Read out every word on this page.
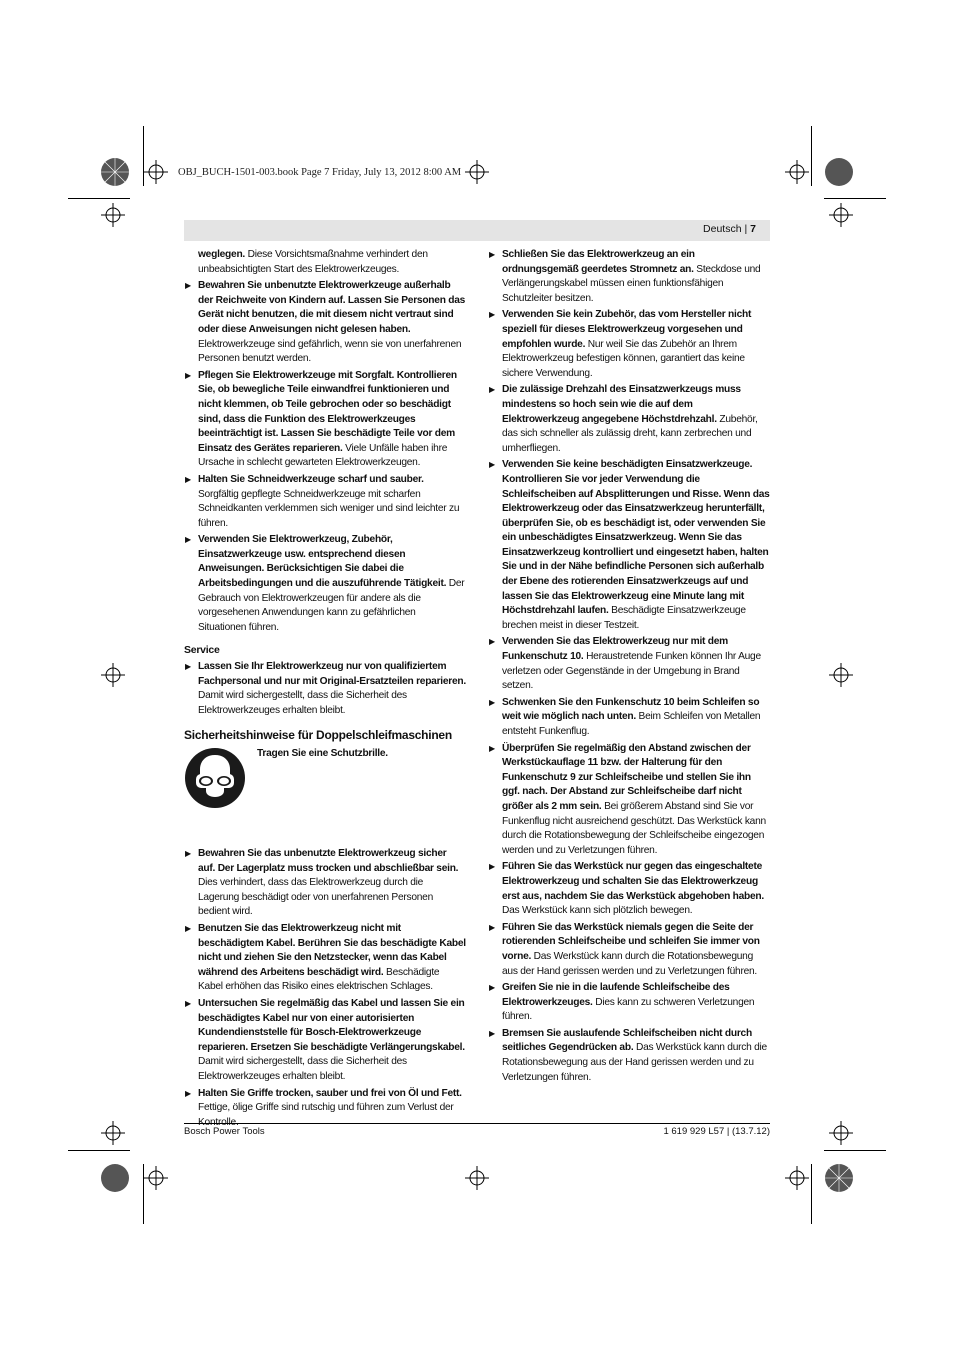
OBJ_BUCH-1501-003.book Page 7 Friday, July 13, 2012 8:00 AM
Deutsch | 7
weglegen. Diese Vorsichtsmaßnahme verhindert den unbeabsichtigten Start des Elektrowerkzeuges.
▶ Bewahren Sie unbenutzte Elektrowerkzeuge außerhalb der Reichweite von Kindern auf. Lassen Sie Personen das Gerät nicht benutzen, die mit diesem nicht vertraut sind oder diese Anweisungen nicht gelesen haben. Elektrowerkzeuge sind gefährlich, wenn sie von unerfahrenen Personen benutzt werden.
▶ Pflegen Sie Elektrowerkzeuge mit Sorgfalt. Kontrollieren Sie, ob bewegliche Teile einwandfrei funktionieren und nicht klemmen, ob Teile gebrochen oder so beschädigt sind, dass die Funktion des Elektrowerkzeuges beeinträchtigt ist. Lassen Sie beschädigte Teile vor dem Einsatz des Gerätes reparieren. Viele Unfälle haben ihre Ursache in schlecht gewarteten Elektrowerkzeugen.
▶ Halten Sie Schneidwerkzeuge scharf und sauber. Sorgfältig gepflegte Schneidwerkzeuge mit scharfen Schneidkanten verklemmen sich weniger und sind leichter zu führen.
▶ Verwenden Sie Elektrowerkzeug, Zubehör, Einsatzwerkzeuge usw. entsprechend diesen Anweisungen. Berücksichtigen Sie dabei die Arbeitsbedingungen und die auszuführende Tätigkeit. Der Gebrauch von Elektrowerkzeugen für andere als die vorgesehenen Anwendungen kann zu gefährlichen Situationen führen.
Service
▶ Lassen Sie Ihr Elektrowerkzeug nur von qualifiziertem Fachpersonal und nur mit Original-Ersatzteilen reparieren. Damit wird sichergestellt, dass die Sicherheit des Elektrowerkzeuges erhalten bleibt.
Sicherheitshinweise für Doppelschleifmaschinen
Tragen Sie eine Schutzbrille.
▶ Bewahren Sie das unbenutzte Elektrowerkzeug sicher auf. Der Lagerplatz muss trocken und abschließbar sein. Dies verhindert, dass das Elektrowerkzeug durch die Lagerung beschädigt oder von unerfahrenen Personen bedient wird.
▶ Benutzen Sie das Elektrowerkzeug nicht mit beschädigtem Kabel. Berühren Sie das beschädigte Kabel nicht und ziehen Sie den Netzstecker, wenn das Kabel während des Arbeitens beschädigt wird. Beschädigte Kabel erhöhen das Risiko eines elektrischen Schlages.
▶ Untersuchen Sie regelmäßig das Kabel und lassen Sie ein beschädigtes Kabel nur von einer autorisierten Kundendienststelle für Bosch-Elektrowerkzeuge reparieren. Ersetzen Sie beschädigte Verlängerungskabel. Damit wird sichergestellt, dass die Sicherheit des Elektrowerkzeuges erhalten bleibt.
▶ Halten Sie Griffe trocken, sauber und frei von Öl und Fett. Fettige, ölige Griffe sind rutschig und führen zum Verlust der Kontrolle.
▶ Schließen Sie das Elektrowerkzeug an ein ordnungsgemäß geerdetes Stromnetz an. Steckdose und Verlängerungskabel müssen einen funktionsfähigen Schutzleiter besitzen.
▶ Verwenden Sie kein Zubehör, das vom Hersteller nicht speziell für dieses Elektrowerkzeug vorgesehen und empfohlen wurde. Nur weil Sie das Zubehör an Ihrem Elektrowerkzeug befestigen können, garantiert das keine sichere Verwendung.
▶ Die zulässige Drehzahl des Einsatzwerkzeugs muss mindestens so hoch sein wie die auf dem Elektrowerkzeug angegebene Höchstdrehzahl. Zubehör, das sich schneller als zulässig dreht, kann zerbrechen und umherfliegen.
▶ Verwenden Sie keine beschädigten Einsatzwerkzeuge. Kontrollieren Sie vor jeder Verwendung die Schleifscheiben auf Absplitterungen und Risse. Wenn das Elektrowerkzeug oder das Einsatzwerkzeug herunterfällt, überprüfen Sie, ob es beschädigt ist, oder verwenden Sie ein unbeschädigtes Einsatzwerkzeug. Wenn Sie das Einsatzwerkzeug kontrolliert und eingesetzt haben, halten Sie und in der Nähe befindliche Personen sich außerhalb der Ebene des rotierenden Einsatzwerkzeugs auf und lassen Sie das Elektrowerkzeug eine Minute lang mit Höchstdrehzahl laufen. Beschädigte Einsatzwerkzeuge brechen meist in dieser Testzeit.
▶ Verwenden Sie das Elektrowerkzeug nur mit dem Funkenschutz 10. Heraustretende Funken können Ihr Auge verletzen oder Gegenstände in der Umgebung in Brand setzen.
▶ Schwenken Sie den Funkenschutz 10 beim Schleifen so weit wie möglich nach unten. Beim Schleifen von Metallen entsteht Funkenflug.
▶ Überprüfen Sie regelmäßig den Abstand zwischen der Werkstückauflage 11 bzw. der Halterung für den Funkenschutz 9 zur Schleifscheibe und stellen Sie ihn ggf. nach. Der Abstand zur Schleifscheibe darf nicht größer als 2 mm sein. Bei größerem Abstand sind Sie vor Funkenflug nicht ausreichend geschützt. Das Werkstück kann durch die Rotationsbewegung der Schleifscheibe eingezogen werden und zu Verletzungen führen.
▶ Führen Sie das Werkstück nur gegen das eingeschaltete Elektrowerkzeug und schalten Sie das Elektrowerkzeug erst aus, nachdem Sie das Werkstück abgehoben haben. Das Werkstück kann sich plötzlich bewegen.
▶ Führen Sie das Werkstück niemals gegen die Seite der rotierenden Schleifscheibe und schleifen Sie immer von vorne. Das Werkstück kann durch die Rotationsbewegung aus der Hand gerissen werden und zu Verletzungen führen.
▶ Greifen Sie nie in die laufende Schleifscheibe des Elektrowerkzeuges. Dies kann zu schweren Verletzungen führen.
▶ Bremsen Sie auslaufende Schleifscheiben nicht durch seitliches Gegendrücken ab. Das Werkstück kann durch die Rotationsbewegung aus der Hand gerissen werden und zu Verletzungen führen.
Bosch Power Tools	1 619 929 L57 | (13.7.12)
